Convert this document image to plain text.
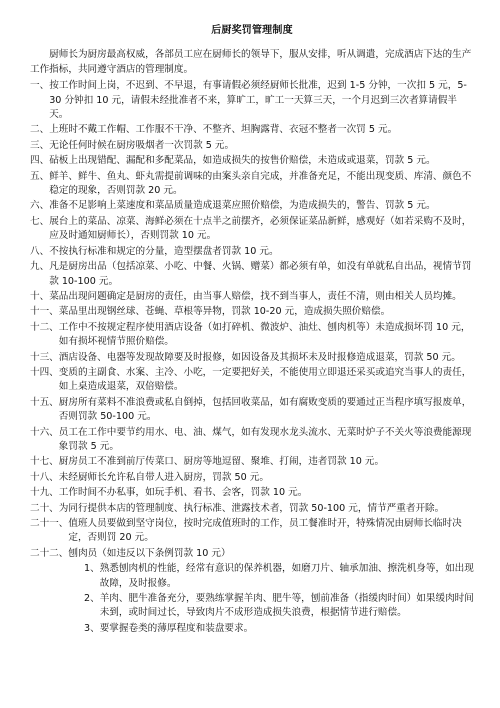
后厨奖罚管理制度
厨师长为厨房最高权威，各部员工应在厨师长的领导下，服从安排，听从调遣，完成酒店下达的生产工作指标，共同遵守酒店的管理制度。
一、 按工作时间上岗，不迟到、不早退，有事请假必须经厨师长批准，迟到 1-5 分钟，一次扣 5 元，5-30 分钟扣 10 元，请假未经批准者不来，算旷工，旷工一天算三天，一个月迟到三次者算请假半天。
二、 上班时不戴工作帽、工作服不干净、不整齐、坦胸露背、衣冠不整者一次罚 5 元。
三、 无论任何时候在厨房吸烟者一次罚款 5 元。
四、 砧板上出现错配、漏配和多配菜品，如造成损失的按售价赔偿，未造成或退菜，罚款 5 元。
五、 鲜羊、鲜牛、鱼丸、虾丸需提前调味的由案头亲自完成，并准备充足，不能出现变质、库清、颜色不稳定的现象，否则罚款 20 元。
六、 准备不足影响上菜速度和菜品质量造成退菜应照价赔偿，为造成损失的，警告、罚款 5 元。
七、 展台上的菜品、凉菜、海鲜必须在十点半之前摆齐，必须保证菜品新鲜，感观好（如若采购不及时，应及时通知厨师长），否则罚款 10 元。
八、 不按执行标准和规定的分量，造型摆盘者罚款 10 元。
九、 凡是厨房出品（包括凉菜、小吃、中餐、火锅、赠菜）都必须有单，如没有单就私自出品，视情节罚款 10-100 元。
十、 菜品出现问题确定是厨房的责任，由当事人赔偿，找不到当事人，责任不清，则由相关人员均摊。
十一、 菜品里出现钢丝球、苍蝇、草根等异物，罚款 10-20 元，造成损失照价赔偿。
十二、 工作中不按规定程序使用酒店设备（如打碎机、微波炉、油灶、刨肉机等）未造成损坏罚 10 元，如有损坏视情节照价赔偿。
十三、 酒店设备、电器等发现故障要及时报修，如因设备及其损坏未及时报修造成退菜，罚款 50 元。
十四、 变质的主副食、水案、主冷、小吃，一定要把好关，不能使用立即退还采买或追究当事人的责任，如上桌造成退菜，双倍赔偿。
十五、 厨房所有菜料不准浪费或私自倒掉，包括回收菜品，如有腐败变质的要通过正当程序填写报废单，否则罚款 50-100 元。
十六、 员工在工作中要节约用水、电、油、煤气，如有发现水龙头流水、无菜时炉子不关火等浪费能源现象罚款 5 元。
十七、 厨房员工不准到前厅传菜口、厨房等地逗留、聚堆、打闹，违者罚款 10 元。
十八、 未经厨师长允许私自带人进入厨房，罚款 50 元。
十九、 工作时间不办私事，如玩手机、看书、会客，罚款 10 元。
二十、 为同行提供本店的管理制度、执行标准、泄露技术者，罚款 50-100 元，情节严重者开除。
二十一、 值班人员要做到坚守岗位，按时完成值班时的工作，员工餐准时开，特殊情况由厨师长临时决定，否则罚 20 元。
二十二、 刨肉员（如违反以下条例罚款 10 元）
1、 熟悉刨肉机的性能，经常有意识的保养机器，如磨刀片、轴承加油、擦洗机身等，如出现故障，及时报修。
2、 羊肉、肥牛准备充分，要熟练掌握羊肉、肥牛等，刨前准备（指缓肉时间）如果缓肉时间未到，或时间过长，导致肉片不成形造成损失浪费，根据情节进行赔偿。
3、 要掌握卷类的薄厚程度和装盘要求。
